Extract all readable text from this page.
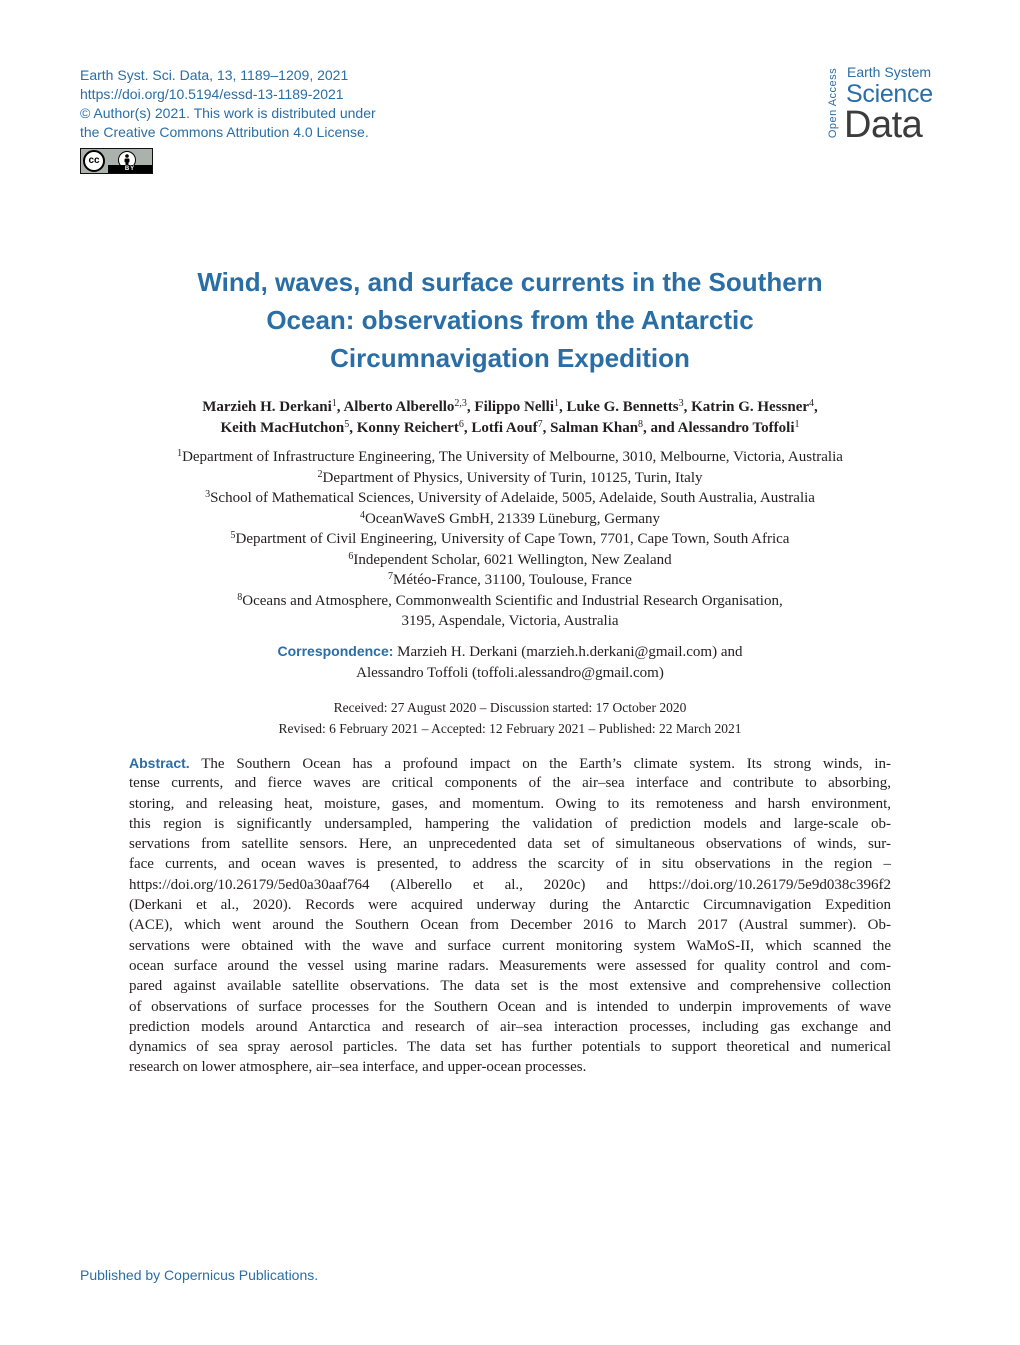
Earth Syst. Sci. Data, 13, 1189–1209, 2021
https://doi.org/10.5194/essd-13-1189-2021
© Author(s) 2021. This work is distributed under
the Creative Commons Attribution 4.0 License.
cc
BY
Open Access Earth System
Science
Data
Wind, waves, and surface currents in the Southern
Ocean: observations from the Antarctic
Circumnavigation Expedition
Marzieh H. Derkani$^1$, Alberto Alberello$^{2,3}$, Filippo Nelli$^1$, Luke G. Bennetts$^3$, Katrin G. Hessner$^4$,
Keith MacHutchon$^5$, Konny Reichert$^6$, Lotfi Aouf$^7$, Salman Khan$^8$, and Alessandro Toffoli$^1$
$^1$Department of Infrastructure Engineering, The University of Melbourne, 3010, Melbourne, Victoria, Australia
$^2$Department of Physics, University of Turin, 10125, Turin, Italy
$^3$School of Mathematical Sciences, University of Adelaide, 5005, Adelaide, South Australia, Australia
$^4$OceanWaveS GmbH, 21339 Lüneburg, Germany
$^5$Department of Civil Engineering, University of Cape Town, 7701, Cape Town, South Africa
$^6$Independent Scholar, 6021 Wellington, New Zealand
$^7$Météo-France, 31100, Toulouse, France
$^8$Oceans and Atmosphere, Commonwealth Scientific and Industrial Research Organisation,
3195, Aspendale, Victoria, Australia
Correspondence: Marzieh H. Derkani (marzieh.h.derkani@gmail.com) and
Alessandro Toffoli (toffoli.alessandro@gmail.com)
Received: 27 August 2020 – Discussion started: 17 October 2020
Revised: 6 February 2021 – Accepted: 12 February 2021 – Published: 22 March 2021
Abstract. The Southern Ocean has a profound impact on the Earth’s climate system. Its strong winds, in-
tense currents, and fierce waves are critical components of the air–sea interface and contribute to absorbing,
storing, and releasing heat, moisture, gases, and momentum. Owing to its remoteness and harsh environment,
this region is significantly undersampled, hampering the validation of prediction models and large-scale ob-
servations from satellite sensors. Here, an unprecedented data set of simultaneous observations of winds, sur-
face currents, and ocean waves is presented, to address the scarcity of in situ observations in the region –
https://doi.org/10.26179/5ed0a30aaf764 (Alberello et al., 2020c) and https://doi.org/10.26179/5e9d038c396f2
(Derkani et al., 2020). Records were acquired underway during the Antarctic Circumnavigation Expedition
(ACE), which went around the Southern Ocean from December 2016 to March 2017 (Austral summer). Ob-
servations were obtained with the wave and surface current monitoring system WaMoS-II, which scanned the
ocean surface around the vessel using marine radars. Measurements were assessed for quality control and com-
pared against available satellite observations. The data set is the most extensive and comprehensive collection
of observations of surface processes for the Southern Ocean and is intended to underpin improvements of wave
prediction models around Antarctica and research of air–sea interaction processes, including gas exchange and
dynamics of sea spray aerosol particles. The data set has further potentials to support theoretical and numerical
research on lower atmosphere, air–sea interface, and upper-ocean processes.
Published by Copernicus Publications.
